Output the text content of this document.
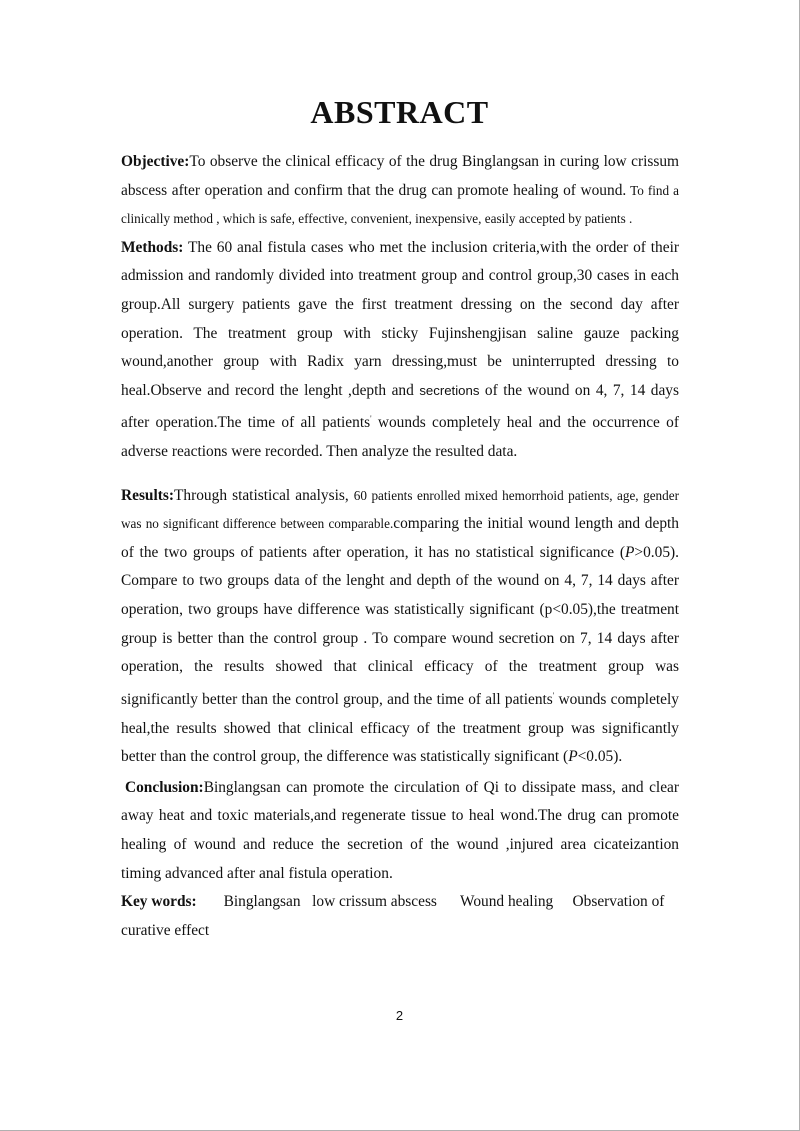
ABSTRACT

Objective:To observe the clinical efficacy of the drug Binglangsan in curing low crissum abscess after operation and confirm that the drug can promote healing of wound. To find a clinically method , which is safe, effective, convenient, inexpensive, easily accepted by patients .

Methods: The 60 anal fistula cases who met the inclusion criteria,with the order of their admission and randomly divided into treatment group and control group,30 cases in each group.All surgery patients gave the first treatment dressing on the second day after operation. The treatment group with sticky Fujinshengjisan saline gauze packing wound,another group with Radix yarn dressing,must be uninterrupted dressing to heal.Observe and record the lenght ,depth and secretions of the wound on 4, 7, 14 days after operation.The time of all patients' wounds completely heal and the occurrence of adverse reactions were recorded. Then analyze the resulted data.

Results:Through statistical analysis, 60 patients enrolled mixed hemorrhoid patients, age, gender was no significant difference between comparable.comparing the initial wound length and depth of the two groups of patients after operation, it has no statistical significance (P>0.05). Compare to two groups data of the lenght and depth of the wound on 4, 7, 14 days after operation, two groups have difference was statistically significant (p<0.05),the treatment group is better than the control group . To compare wound secretion on 7, 14 days after operation, the results showed that clinical efficacy of the treatment group was significantly better than the control group, and the time of all patients' wounds completely heal,the results showed that clinical efficacy of the treatment group was significantly better than the control group, the difference was statistically significant (P<0.05).

Conclusion:Binglangsan can promote the circulation of Qi to dissipate mass, and clear away heat and toxic materials,and regenerate tissue to heal wond.The drug can promote healing of wound and reduce the secretion of the wound ,injured area cicateizantion timing advanced after anal fistula operation.

Key words: Binglangsan low crissum abscess Wound healing Observation of curative effect

2
